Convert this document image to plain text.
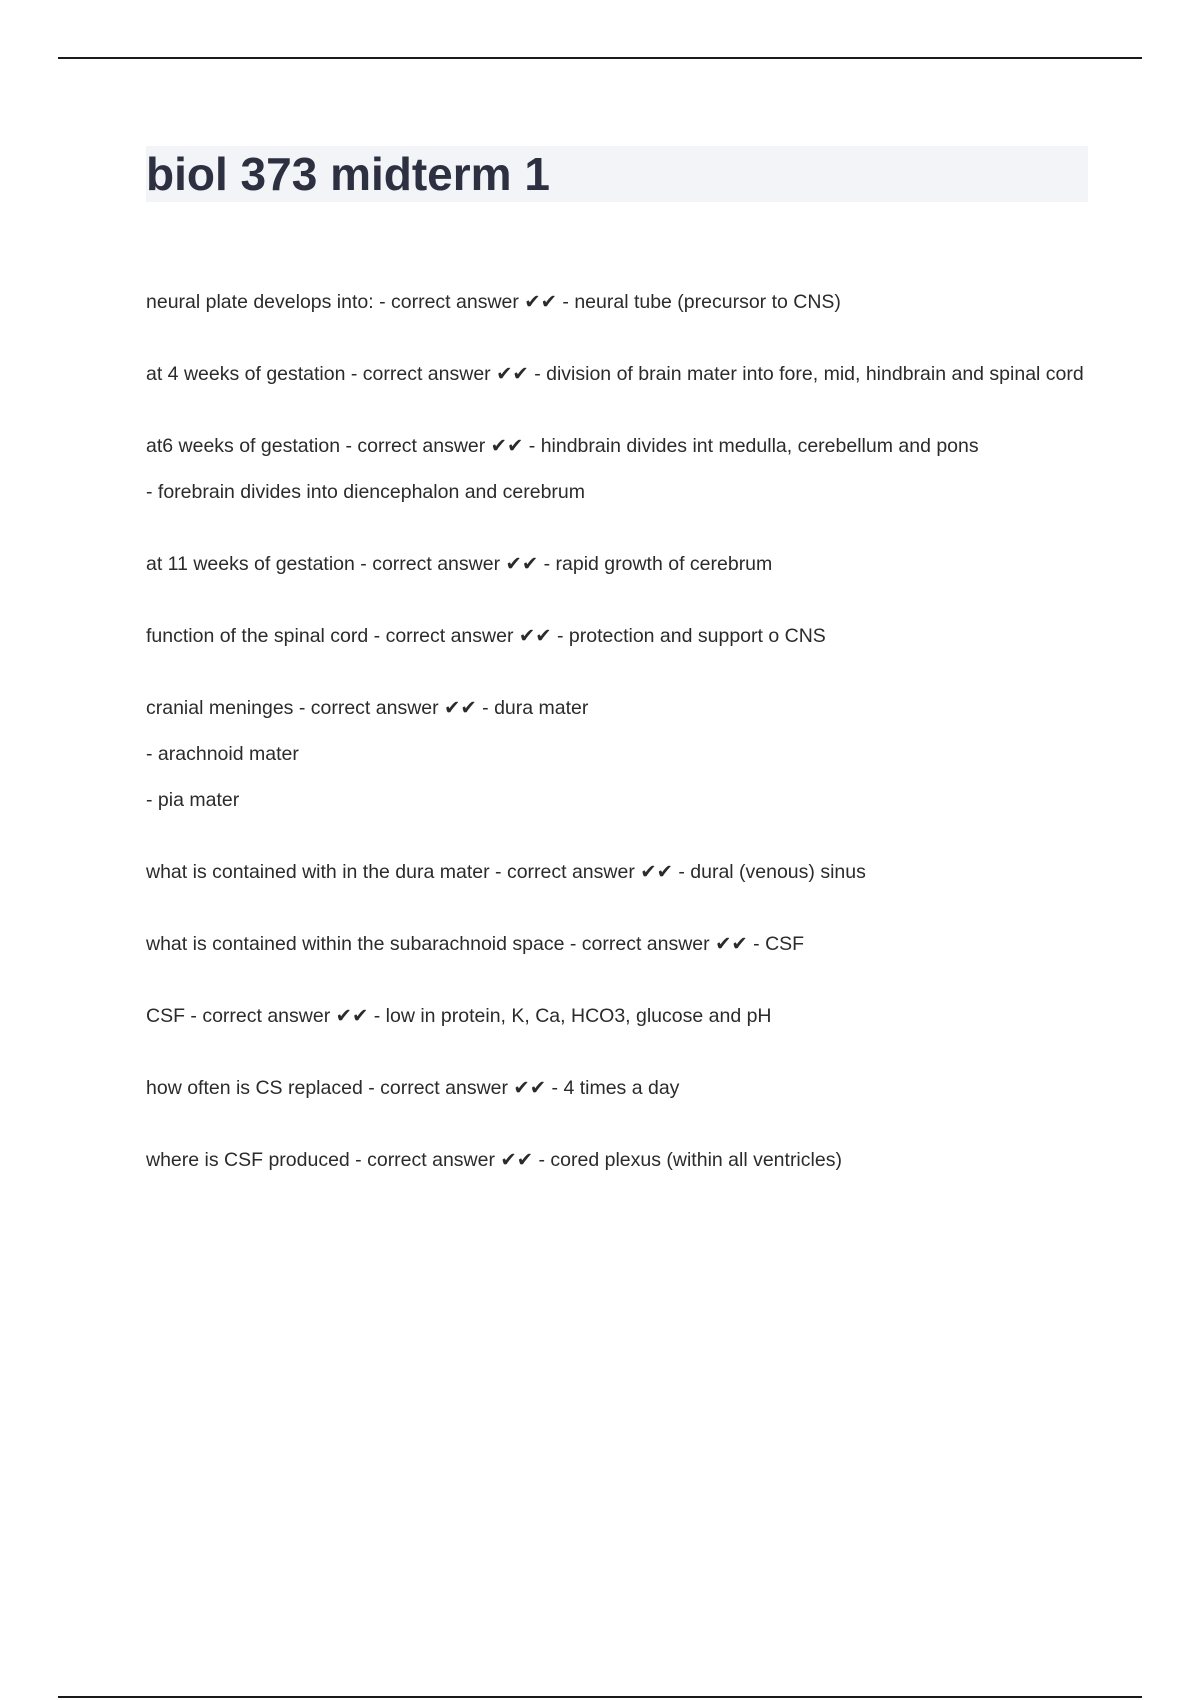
biol 373 midterm 1

neural plate develops into: - correct answer ✔✔ - neural tube (precursor to CNS)

at 4 weeks of gestation - correct answer ✔✔ - division of brain mater into fore, mid, hindbrain and spinal cord

at6 weeks of gestation - correct answer ✔✔ - hindbrain divides int medulla, cerebellum and pons

- forebrain divides into diencephalon and cerebrum

at 11 weeks of gestation - correct answer ✔✔ - rapid growth of cerebrum

function of the spinal cord - correct answer ✔✔ - protection and support o CNS

cranial meninges - correct answer ✔✔ - dura mater

- arachnoid mater

- pia mater

what is contained with in the dura mater - correct answer ✔✔ - dural (venous) sinus

what is contained within the subarachnoid space - correct answer ✔✔ - CSF

CSF - correct answer ✔✔ - low in protein, K, Ca, HCO3, glucose and pH

how often is CS replaced - correct answer ✔✔ - 4 times a day

where is CSF produced - correct answer ✔✔ - cored plexus (within all ventricles)
